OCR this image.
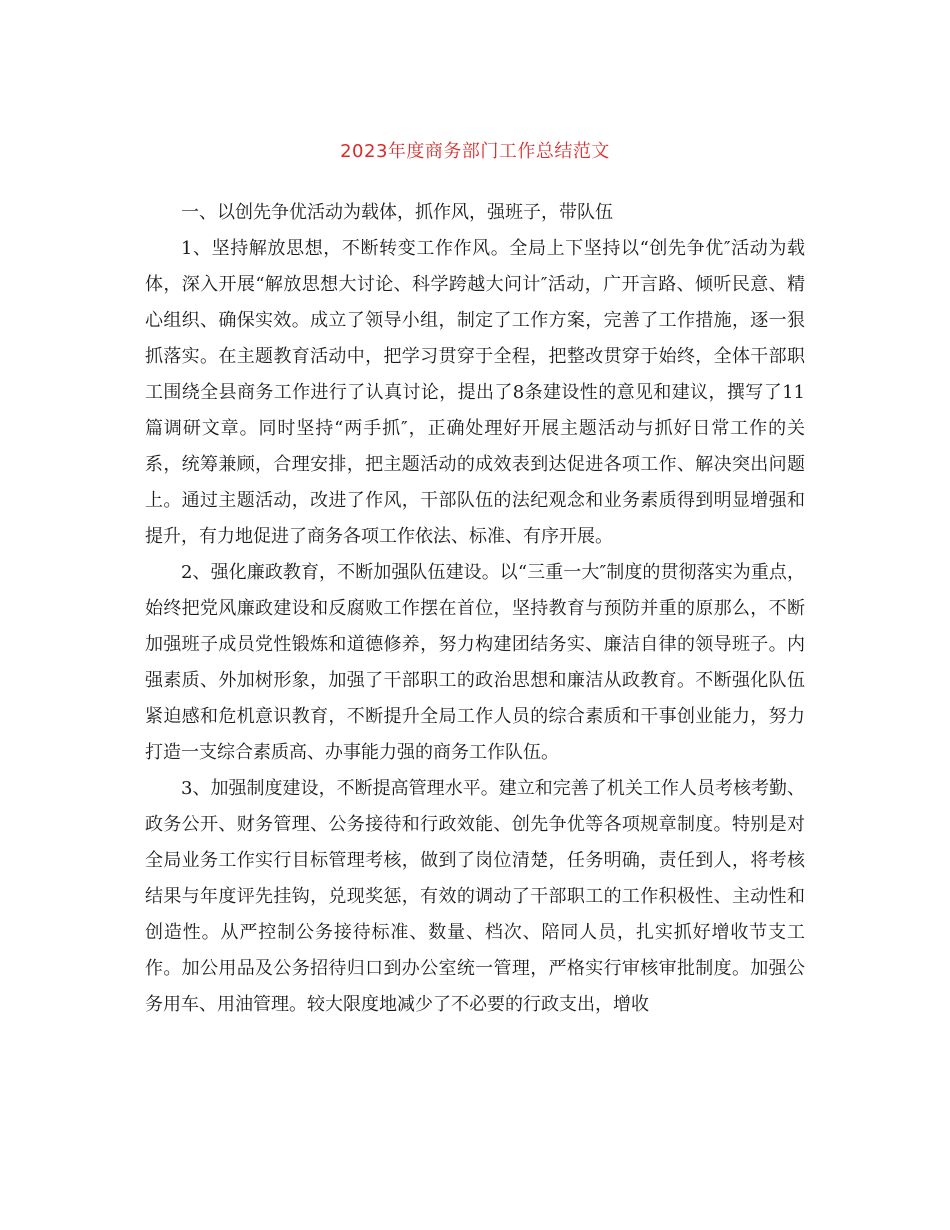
2023年度商务部门工作总结范文

一、以创先争优活动为载体，抓作风，强班子，带队伍

1、坚持解放思想，不断转变工作作风。全局上下坚持以“创先争优″活动为载体，深入开展“解放思想大讨论、科学跨越大问计″活动，广开言路、倾听民意、精心组织、确保实效。成立了领导小组，制定了工作方案，完善了工作措施，逐一狠抓落实。在主题教育活动中，把学习贯穿于全程，把整改贯穿于始终，全体干部职工围绕全县商务工作进行了认真讨论，提出了8条建设性的意见和建议，撰写了11篇调研文章。同时坚持“两手抓″，正确处理好开展主题活动与抓好日常工作的关系，统筹兼顾，合理安排，把主题活动的成效表到达促进各项工作、解决突出问题上。通过主题活动，改进了作风，干部队伍的法纪观念和业务素质得到明显增强和提升，有力地促进了商务各项工作依法、标准、有序开展。

2、强化廉政教育，不断加强队伍建设。以“三重一大″制度的贯彻落实为重点，始终把党风廉政建设和反腐败工作摆在首位，坚持教育与预防并重的原那么，不断加强班子成员党性锻炼和道德修养，努力构建团结务实、廉洁自律的领导班子。内强素质、外加树形象，加强了干部职工的政治思想和廉洁从政教育。不断强化队伍紧迫感和危机意识教育，不断提升全局工作人员的综合素质和干事创业能力，努力打造一支综合素质高、办事能力强的商务工作队伍。

3、加强制度建设，不断提高管理水平。建立和完善了机关工作人员考核考勤、政务公开、财务管理、公务接待和行政效能、创先争优等各项规章制度。特别是对全局业务工作实行目标管理考核，做到了岗位清楚，任务明确，责任到人，将考核结果与年度评先挂钩，兑现奖惩，有效的调动了干部职工的工作积极性、主动性和创造性。从严控制公务接待标准、数量、档次、陪同人员，扎实抓好增收节支工作。加公用品及公务招待归口到办公室统一管理，严格实行审核审批制度。加强公务用车、用油管理。较大限度地减少了不必要的行政支出，增收
